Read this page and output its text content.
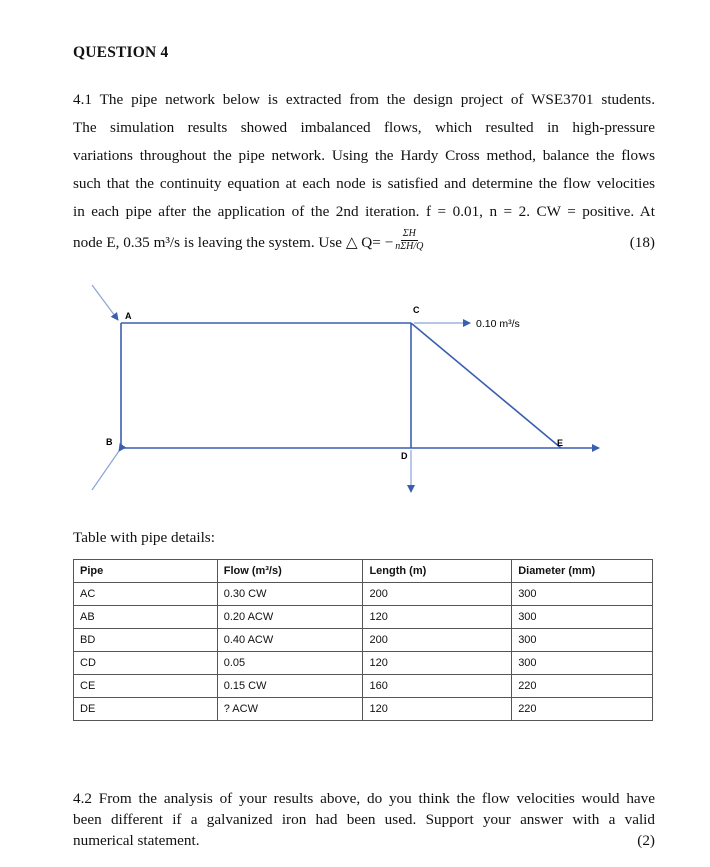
QUESTION 4
4.1 The pipe network below is extracted from the design project of WSE3701 students.
The simulation results showed imbalanced flows, which resulted in high-pressure
variations throughout the pipe network. Using the Hardy Cross method, balance the flows
such that the continuity equation at each node is satisfied and determine the flow velocities
in each pipe after the application of the 2nd iteration. f = 0.01, n = 2. CW = positive. At
node E, 0.35 m³/s is leaving the system. Use △ $Q= - \frac{\Sigma H}{\text{nΣH/Q}}$	(18)
A
B
C
D
E
0.10 m³/s
Table with pipe details:
Pipe	Flow (m³/s)	Length (m)	Diameter (mm)
AC	0.30 CW	200	300
AB	0.20 ACW	120	300
BD	0.40 ACW	200	300
CD	0.05	120	300
CE	0.15 CW	160	220
DE	? ACW	120	220
4.2 From the analysis of your results above, do you think the flow velocities would have
been different if a galvanized iron had been used. Support your answer with a valid
numerical statement.	(2)
